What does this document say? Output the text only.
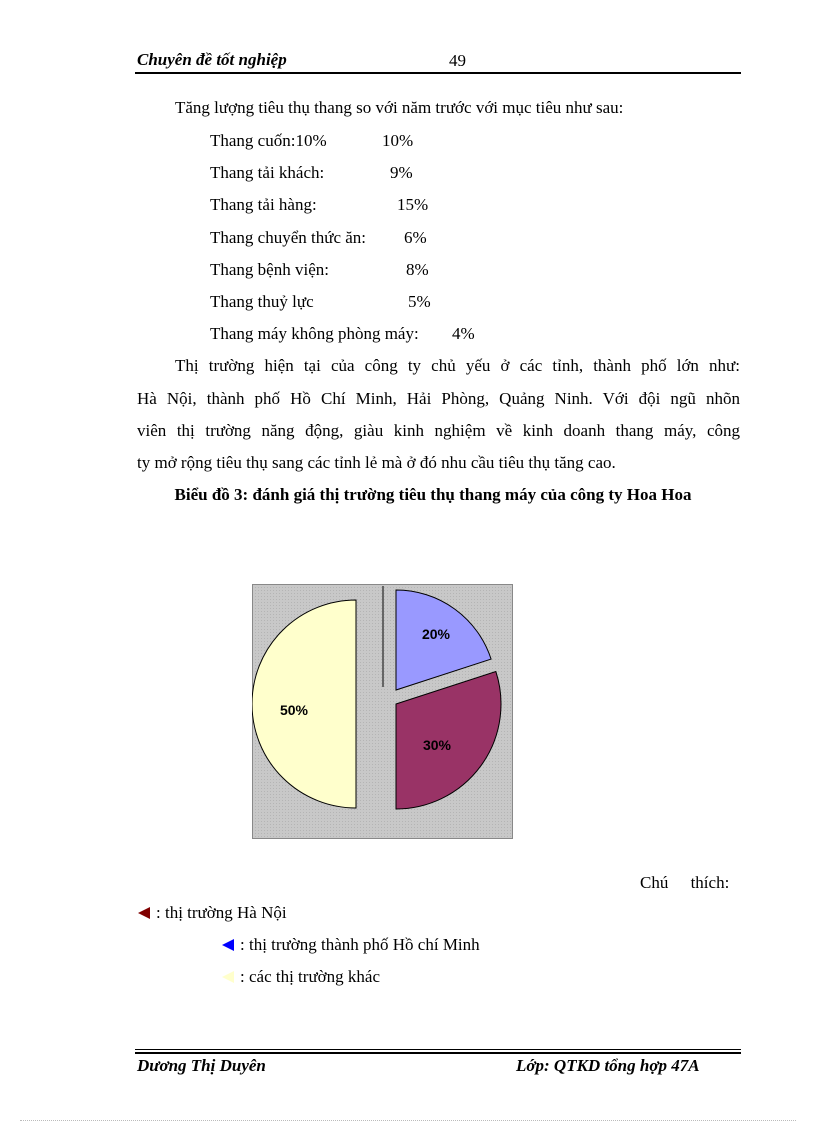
Chuyên đề tốt nghiệp	49
Tăng lượng tiêu thụ thang so với năm trước với mục tiêu như sau:
Thang cuốn:10%	10%
Thang tải khách:	9%
Thang tải hàng:	15%
Thang chuyển thức ăn: 6%
Thang bệnh viện:	8%
Thang thuỷ lực	5%
Thang máy không phòng máy: 4%
Thị trường hiện tại của công ty chủ yếu ở các tỉnh, thành phố lớn như:
Hà Nội, thành phố Hồ Chí Minh, Hải Phòng, Quảng Ninh. Với đội ngũ nhõn
viên thị trường năng động, giàu kinh nghiệm về kinh doanh thang máy, công
ty mở rộng tiêu thụ sang các tỉnh lẻ mà ở đó nhu cầu tiêu thụ tăng cao.
Biểu đồ 3: đánh giá thị trường tiêu thụ thang máy của công ty Hoa Hoa
20%
30%
50%
Chú thích:
: thị trường Hà Nội
: thị trường thành phố Hồ chí Minh
: các thị trường khác
Dương Thị Duyên	Lớp: QTKD tổng hợp 47A
